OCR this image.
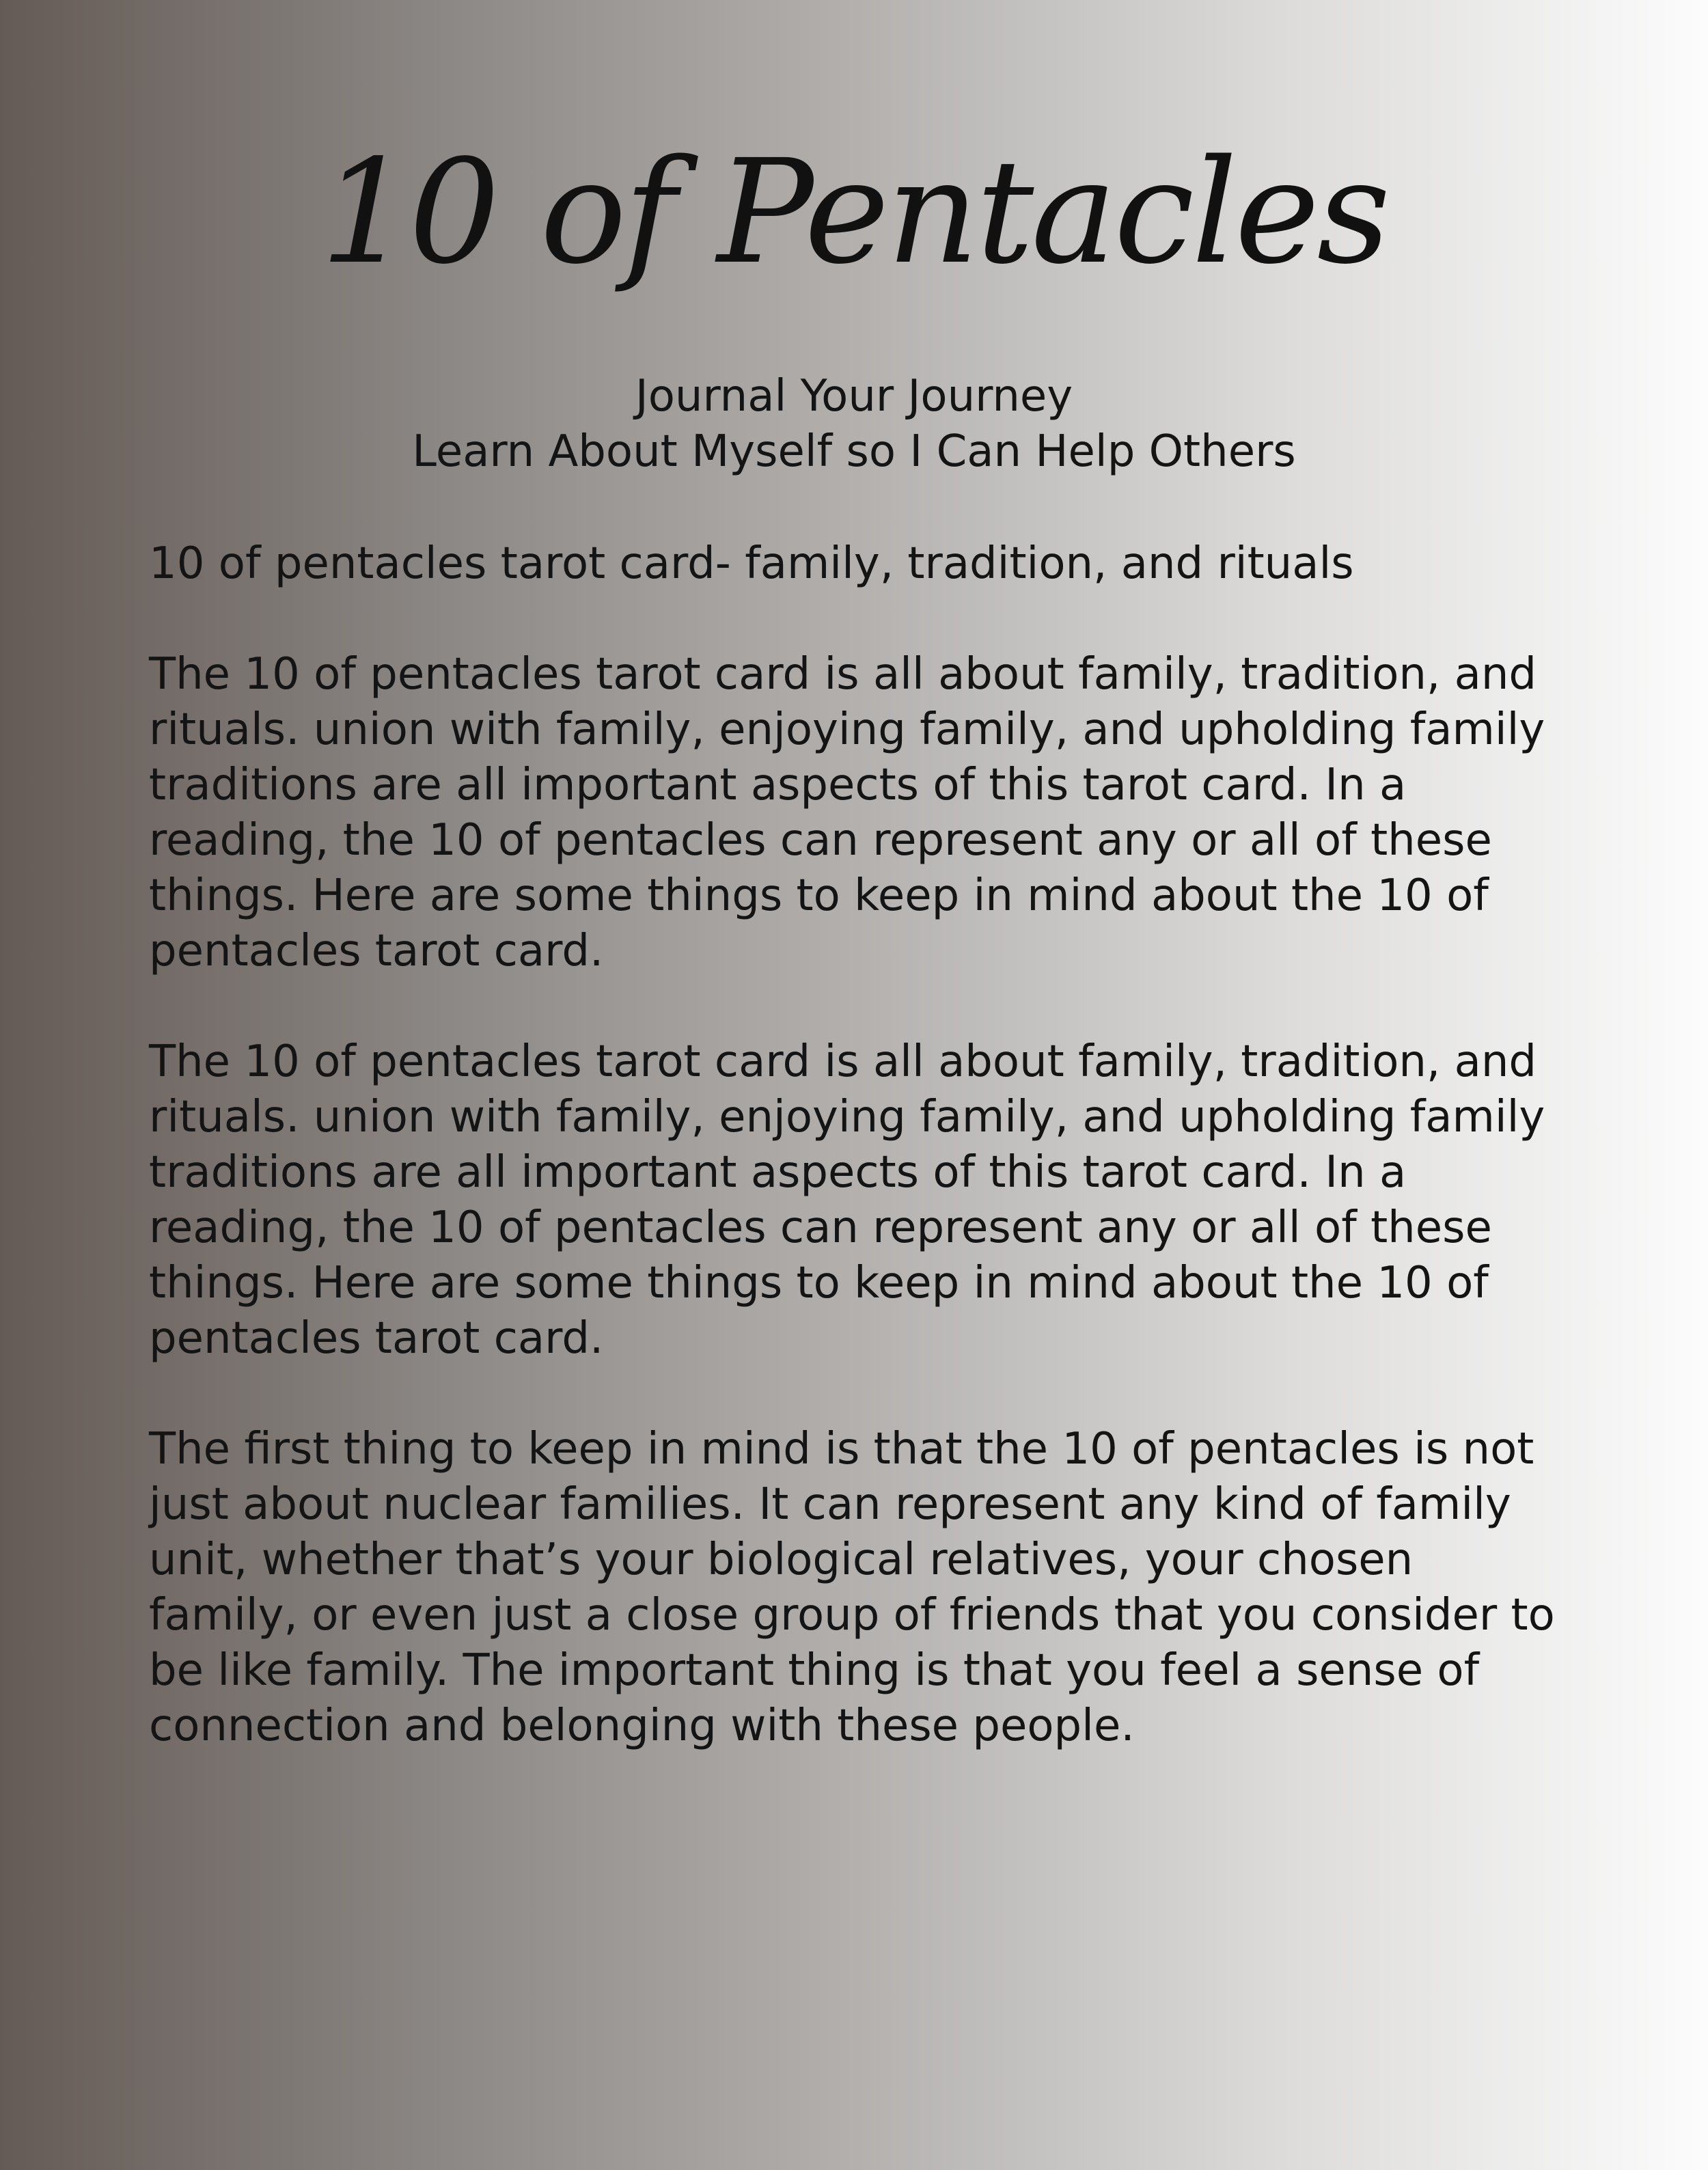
10 of Pentacles
Journal Your Journey
Learn About Myself so I Can Help Others

10 of pentacles tarot card- family, tradition, and rituals

The 10 of pentacles tarot card is all about family, tradition, and rituals. union with family, enjoying family, and upholding family traditions are all important aspects of this tarot card. In a reading, the 10 of pentacles can represent any or all of these things. Here are some things to keep in mind about the 10 of pentacles tarot card.

The 10 of pentacles tarot card is all about family, tradition, and rituals. union with family, enjoying family, and upholding family traditions are all important aspects of this tarot card. In a reading, the 10 of pentacles can represent any or all of these things. Here are some things to keep in mind about the 10 of pentacles tarot card.

The first thing to keep in mind is that the 10 of pentacles is not just about nuclear families. It can represent any kind of family unit, whether that’s your biological relatives, your chosen family, or even just a close group of friends that you consider to be like family. The important thing is that you feel a sense of connection and belonging with these people.
